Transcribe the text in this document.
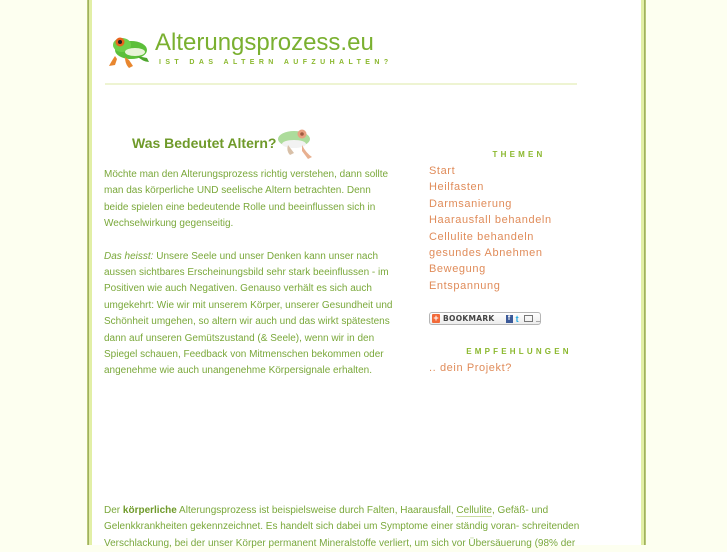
Alterungsprozess.eu
IST DAS ALTERN AUFZUHALTEN?
Was Bedeutet Altern?

Möchte man den Alterungsprozess richtig verstehen, dann sollte man das körperliche UND seelische Altern betrachten. Denn beide spielen eine bedeutende Rolle und beeinflussen sich in Wechselwirkung gegenseitig.

Das heisst: Unsere Seele und unser Denken kann unser nach aussen sichtbares Erscheinungsbild sehr stark beeinflussen - im Positiven wie auch Negativen. Genauso verhält es sich auch umgekehrt: Wie wir mit unserem Körper, unserer Gesundheit und Schönheit umgehen, so altern wir auch und das wirkt spätestens dann auf unseren Gemütszustand (& Seele), wenn wir in den Spiegel schauen, Feedback von Mitmenschen bekommen oder angenehme wie auch unangenehme Körpersignale erhalten.

THEMEN
Start
Heilfasten
Darmsanierung
Haarausfall behandeln
Cellulite behandeln
gesundes Abnehmen
Bewegung
Entspannung
+ BOOKMARK	f t	_
EMPFEHLUNGEN
.. dein Projekt?

Der körperliche Alterungsprozess ist beispielsweise durch Falten, Haarausfall, Cellulite, Gefäß- und Gelenkkrankheiten gekennzeichnet. Es handelt sich dabei um Symptome einer ständig voran- schreitenden Verschlackung, bei der unser Körper permanent Mineralstoffe verliert, um sich vor Übersäuerung (98% der
